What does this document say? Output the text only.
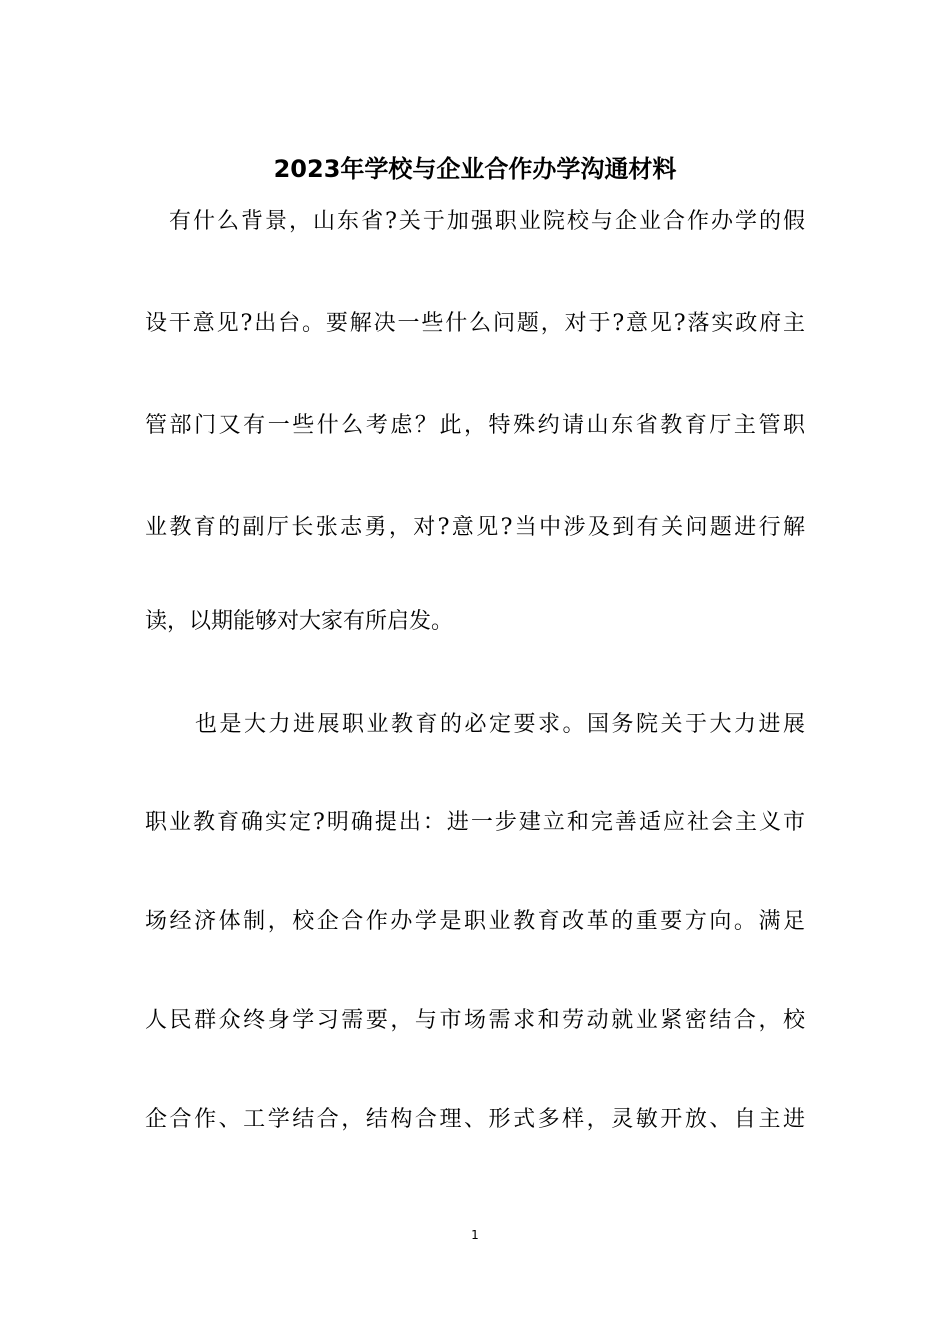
2023年学校与企业合作办学沟通材料
有什么背景，山东省?关于加强职业院校与企业合作办学的假
设干意见?出台。要解决一些什么问题，对于?意见?落实政府主
管部门又有一些什么考虑？此，特殊约请山东省教育厅主管职
业教育的副厅长张志勇，对?意见?当中涉及到有关问题进行解
读，以期能够对大家有所启发。
也是大力进展职业教育的必定要求。国务院关于大力进展
职业教育确实定?明确提出：进一步建立和完善适应社会主义市
场经济体制，校企合作办学是职业教育改革的重要方向。满足
人民群众终身学习需要，与市场需求和劳动就业紧密结合，校
企合作、工学结合，结构合理、形式多样，灵敏开放、自主进
1
